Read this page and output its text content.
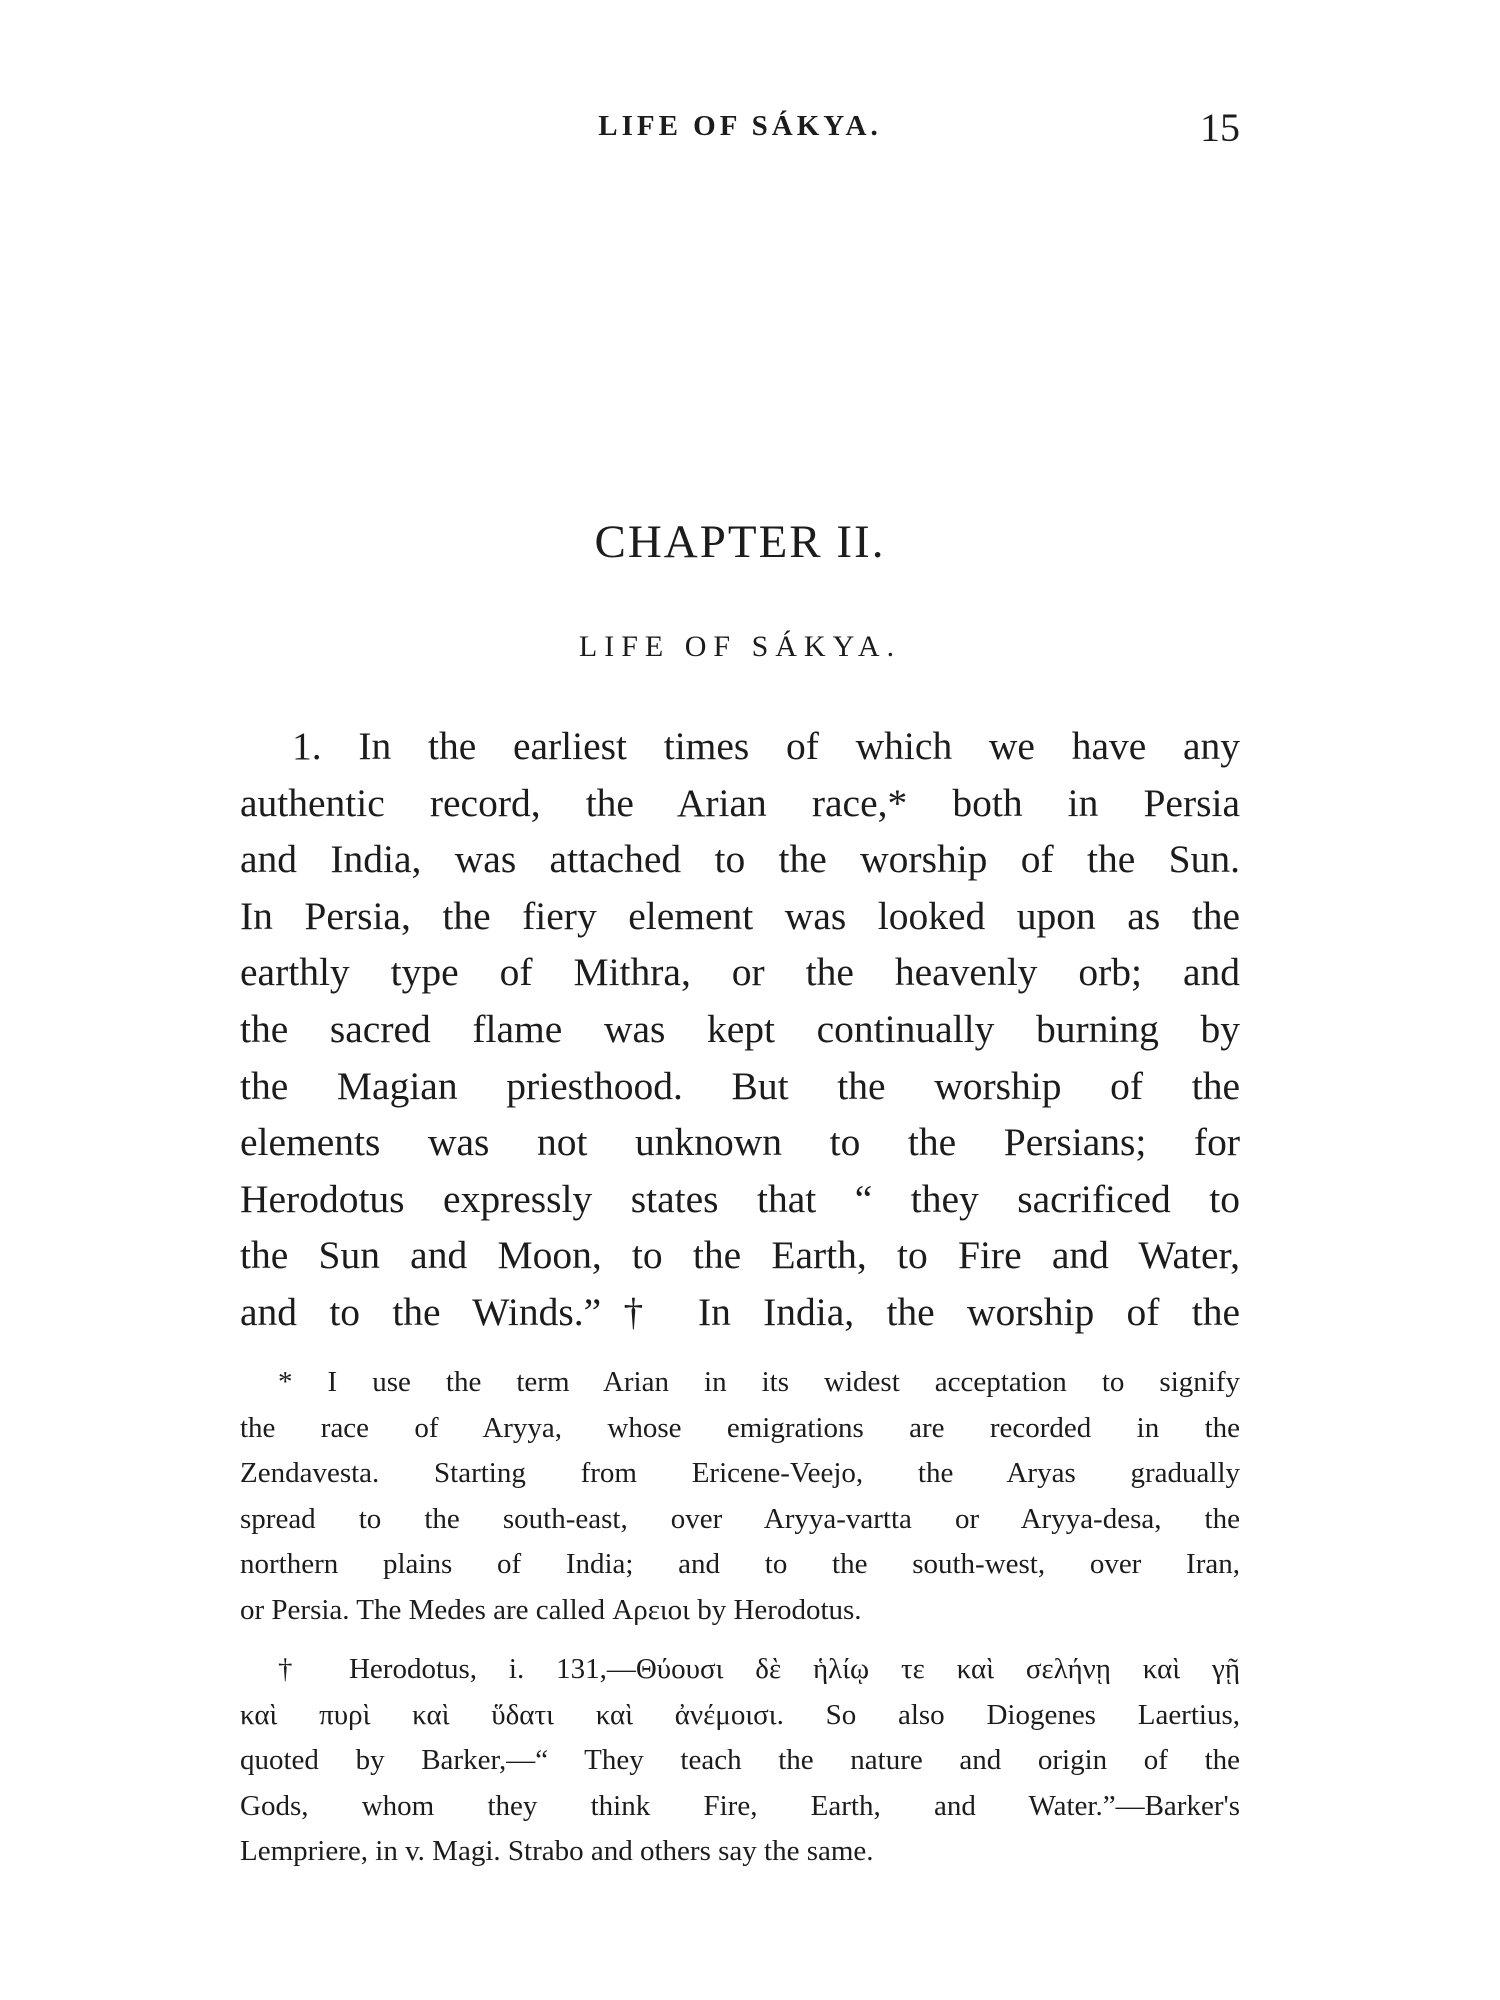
LIFE OF SÁKYA.	15
CHAPTER II.
LIFE OF SÁKYA.
1. In the earliest times of which we have any
authentic record, the Arian race,* both in Persia
and India, was attached to the worship of the Sun.
In Persia, the fiery element was looked upon as the
earthly type of Mithra, or the heavenly orb; and
the sacred flame was kept continually burning by
the Magian priesthood. But the worship of the
elements was not unknown to the Persians; for
Herodotus expressly states that “ they sacrificed to
the Sun and Moon, to the Earth, to Fire and Water,
and to the Winds.”† In India, the worship of the
* I use the term Arian in its widest acceptation to signify
the race of Aryya, whose emigrations are recorded in the
Zendavesta. Starting from Ericene-Veejo, the Aryas gradually
spread to the south-east, over Aryya-vartta or Aryya-desa, the
northern plains of India; and to the south-west, over Iran,
or Persia. The Medes are called Αρειοι by Herodotus.
† Herodotus, i. 131,—Θύουσι δὲ ἡλίῳ τε καὶ σελήνῃ καὶ γῇ
καὶ πυρὶ καὶ ὕδατι καὶ ἀνέμοισι. So also Diogenes Laertius,
quoted by Barker,—“ They teach the nature and origin of the
Gods, whom they think Fire, Earth, and Water.”—Barker's
Lempriere, in v. Magi. Strabo and others say the same.
